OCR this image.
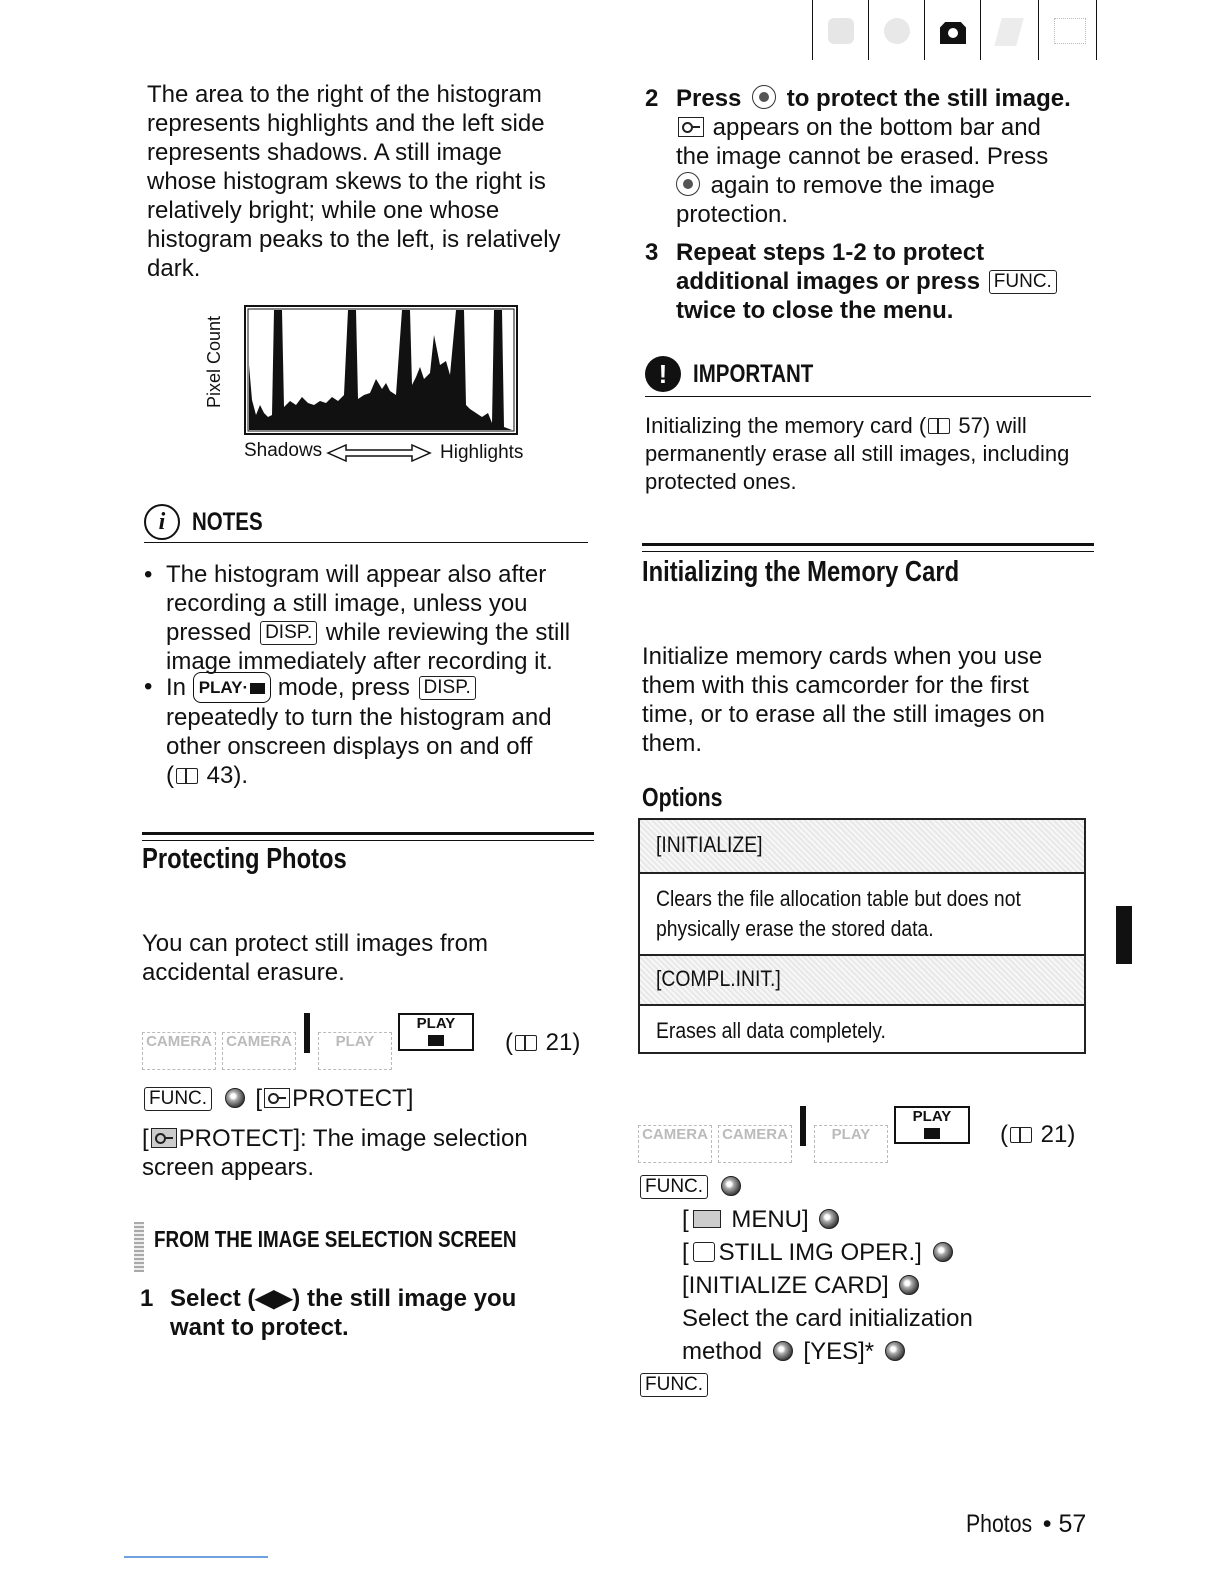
The area to the right of the histogram
represents highlights and the left side
represents shadows. A still image
whose histogram skews to the right is
relatively bright; while one whose
histogram peaks to the left, is relatively
dark.
Pixel Count
Shadows	Highlights
i	NOTES
• The histogram will appear also after
recording a still image, unless you
pressed DISP. while reviewing the still
image immediately after recording it.
• In PLAY· mode, press DISP.
repeatedly to turn the histogram and
other onscreen displays on and off
( 43).
Protecting Photos
You can protect still images from
accidental erasure.
CAMERA CAMERA	PLAYPLAY

( 21)
FUNC.  [ PROTECT]
[ PROTECT]: The image selection
screen appears.
FROM THE IMAGE SELECTION SCREEN
1 Select (◀▶) the still image you
want to protect.
2 Press to protect the still image.
appears on the bottom bar and
the image cannot be erased. Press
again to remove the image
protection.
3 Repeat steps 1-2 to protect
additional images or press FUNC.
twice to close the menu.
!	IMPORTANT
Initializing the memory card ( 57) will
permanently erase all still images, including
protected ones.
Initializing the Memory Card
Initialize memory cards when you use
them with this camcorder for the first
time, or to erase all the still images on
them.
Options
[INITIALIZE]
Clears the file allocation table but does not
physically erase the stored data.
[COMPL.INIT.]
Erases all data completely.
CAMERA CAMERA	PLAYPLAY

( 21)
FUNC.
[ MENU]
[ STILL IMG OPER.]
[INITIALIZE CARD]
Select the card initialization
method [YES]*
FUNC.
Photos • 57
